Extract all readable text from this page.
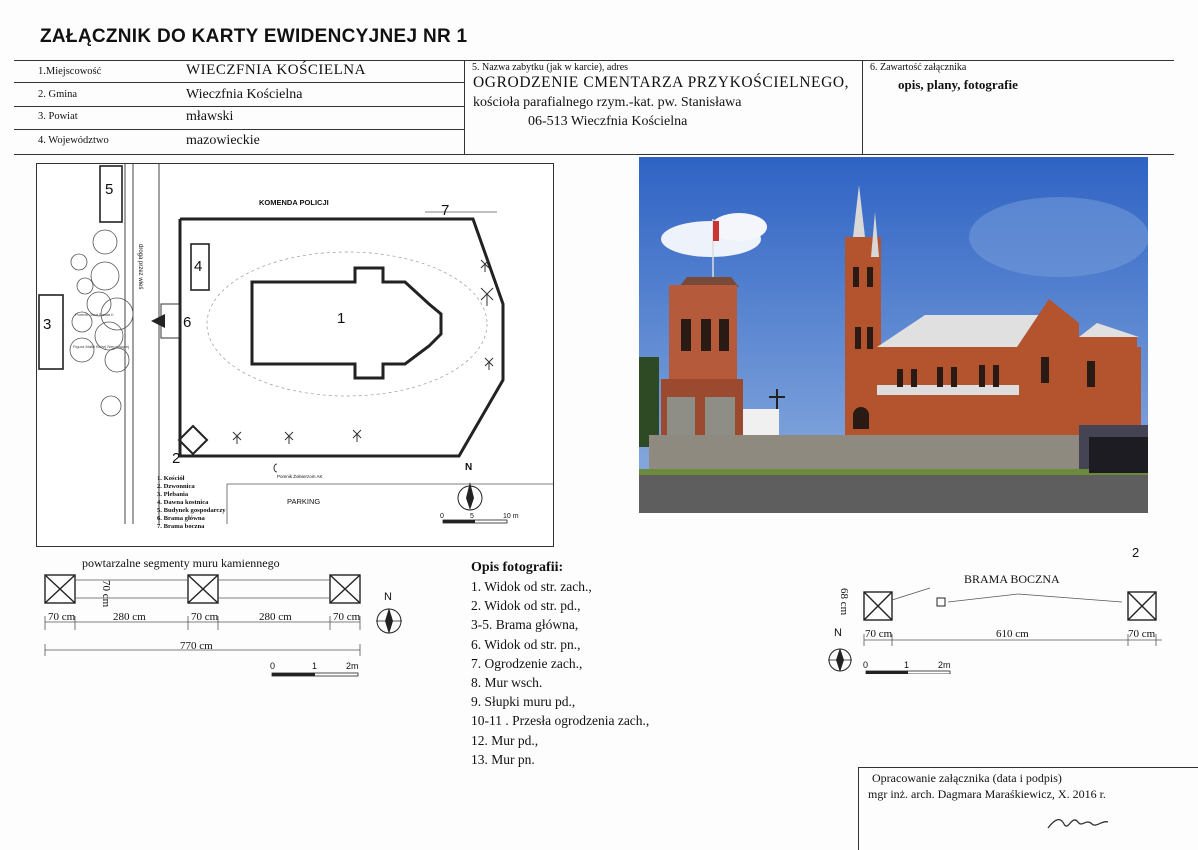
ZAŁĄCZNIK DO KARTY EWIDENCYJNEJ NR 1
1.Miejscowość	WIECZFNIA KOŚCIELNA
2. Gmina	Wieczfnia Kościelna
3. Powiat	mławski
4. Województwo	mazowieckie
5. Nazwa zabytku (jak w karcie), adres
OGRODZENIE CMENTARZA PRZYKOŚCIELNEGO,
kościoła parafialnego rzym.-kat. pw. Stanisława
06-513 Wieczfnia Kościelna
6. Zawartość załącznika
opis, plany, fotografie
KOMENDA POLICJI
droga przez wieś
Pomnik Jana Pawła II
Figura Matki Bożej Nieustającej
PARKING
Pomnik Żołnierzom AK
1
2
3
4
5
6
7
1. Kościół
2. Dzwonnica
3. Plebania
4. Dawna kostnica
5. Budynek gospodarczy
6. Brama główna
7. Brama boczna
N
0	5	10 m
powtarzalne segmenty muru kamiennego
70 cm
70 cm	280 cm	70 cm	280 cm	70 cm
770 cm
0	1	2m
N
Opis fotografii:
1. Widok od str. zach.,
2. Widok od str. pd.,
3-5. Brama główna,
6. Widok od str. pn.,
7. Ogrodzenie zach.,
8. Mur wsch.
9. Słupki muru pd.,
10-11 . Przesła ogrodzenia zach.,
12. Mur pd.,
13. Mur pn.
2
BRAMA BOCZNA
68 cm
70 cm	610 cm	70 cm
N
0	1	2m
Opracowanie załącznika (data i podpis)
mgr inż. arch. Dagmara Maraśkiewicz, X. 2016 r.
